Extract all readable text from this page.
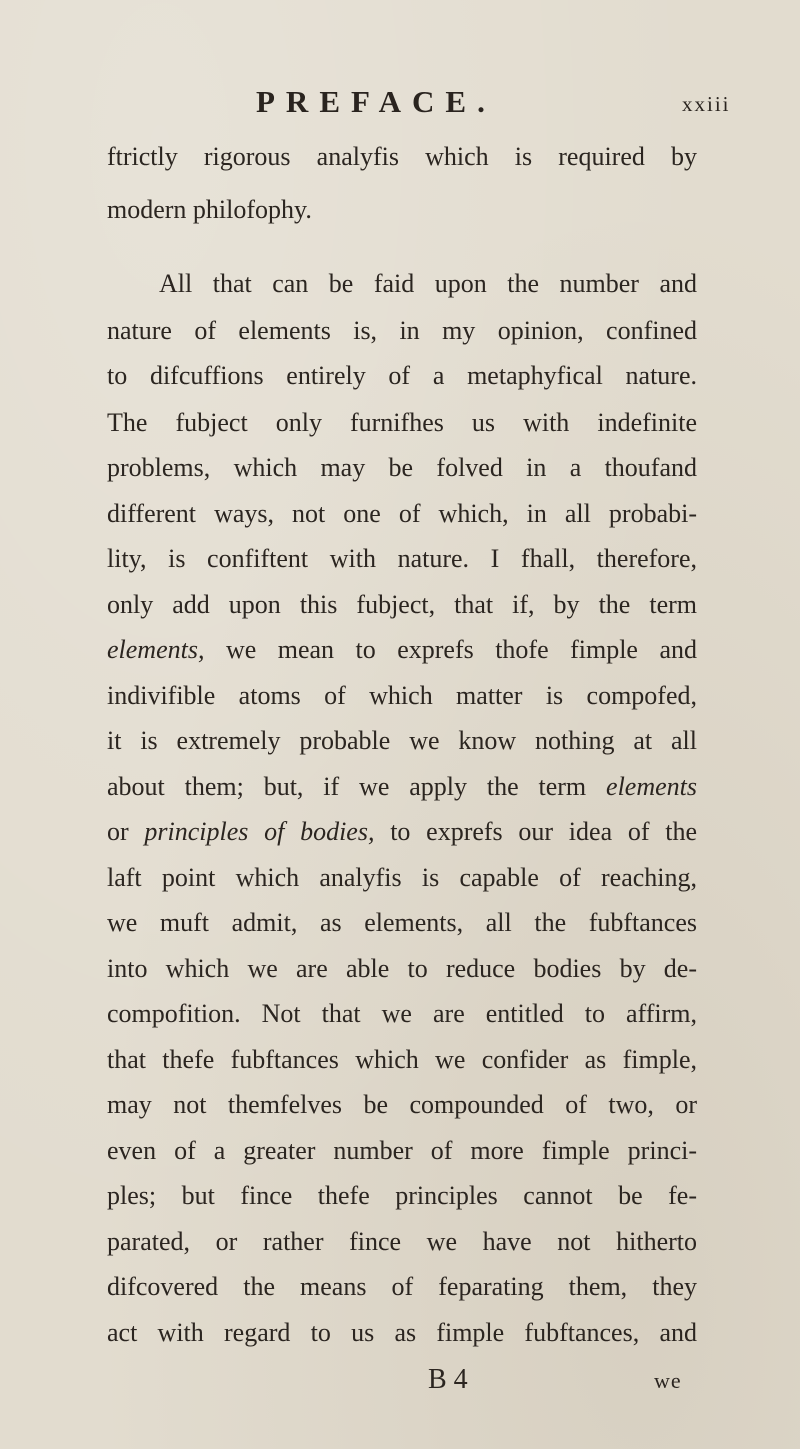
PREFACE.	xxiii
ftrictly rigorous analyfis which is required by
modern philofophy.
All that can be faid upon the number and
nature of elements is, in my opinion, confined
to difcuffions entirely of a metaphyfical nature.
The fubject only furnifhes us with indefinite
problems, which may be folved in a thoufand
different ways, not one of which, in all probabi-
lity, is confiftent with nature. I fhall, therefore,
only add upon this fubject, that if, by the term
elements, we mean to exprefs thofe fimple and
indivifible atoms of which matter is compofed,
it is extremely probable we know nothing at all
about them; but, if we apply the term elements
or principles of bodies, to exprefs our idea of the
laft point which analyfis is capable of reaching,
we muft admit, as elements, all the fubftances
into which we are able to reduce bodies by de-
compofition. Not that we are entitled to affirm,
that thefe fubftances which we confider as fimple,
may not themfelves be compounded of two, or
even of a greater number of more fimple princi-
ples; but fince thefe principles cannot be fe-
parated, or rather fince we have not hitherto
difcovered the means of feparating them, they
act with regard to us as fimple fubftances, and
B 4	we
